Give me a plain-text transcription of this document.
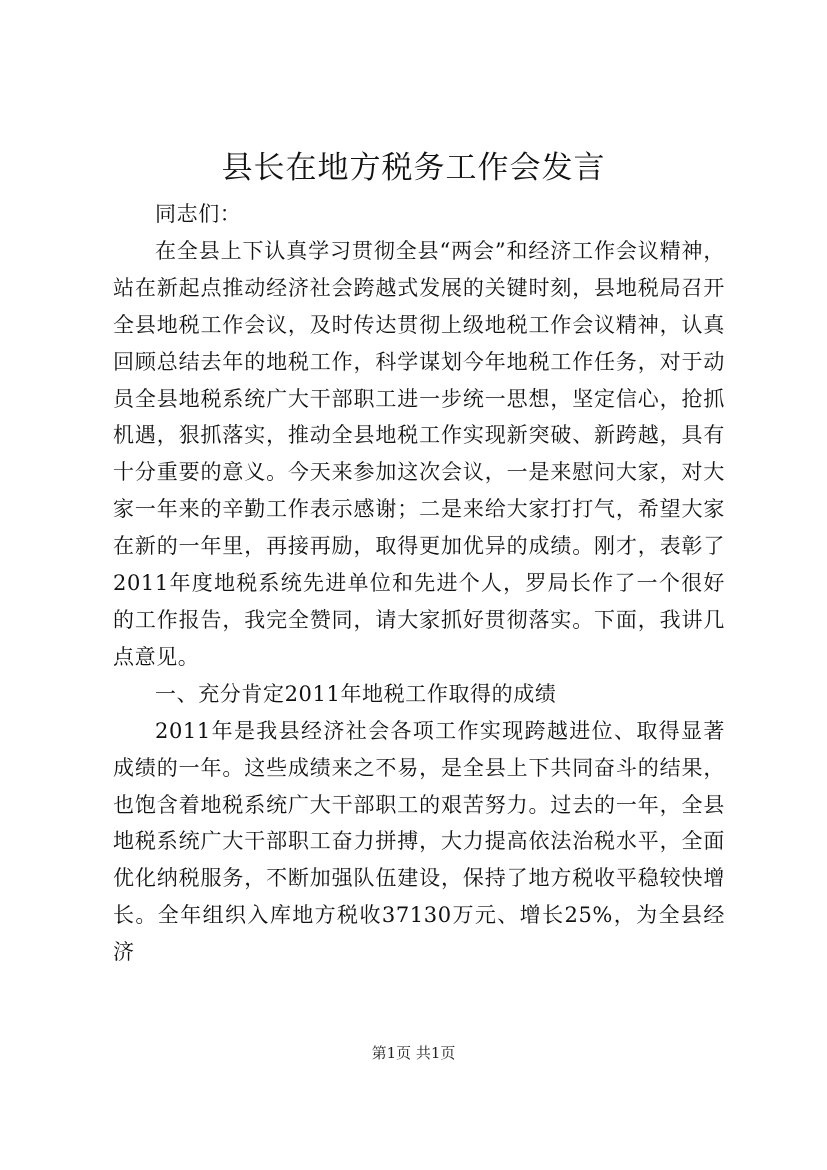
县长在地方税务工作会发言

同志们：

在全县上下认真学习贯彻全县“两会”和经济工作会议精神，站在新起点推动经济社会跨越式发展的关键时刻，县地税局召开全县地税工作会议，及时传达贯彻上级地税工作会议精神，认真回顾总结去年的地税工作，科学谋划今年地税工作任务，对于动员全县地税系统广大干部职工进一步统一思想，坚定信心，抢抓机遇，狠抓落实，推动全县地税工作实现新突破、新跨越，具有十分重要的意义。今天来参加这次会议，一是来慰问大家，对大家一年来的辛勤工作表示感谢；二是来给大家打打气，希望大家在新的一年里，再接再励，取得更加优异的成绩。刚才，表彰了2011年度地税系统先进单位和先进个人，罗局长作了一个很好的工作报告，我完全赞同，请大家抓好贯彻落实。下面，我讲几点意见。

一、充分肯定2011年地税工作取得的成绩

2011年是我县经济社会各项工作实现跨越进位、取得显著成绩的一年。这些成绩来之不易，是全县上下共同奋斗的结果，也饱含着地税系统广大干部职工的艰苦努力。过去的一年，全县地税系统广大干部职工奋力拼搏，大力提高依法治税水平，全面优化纳税服务，不断加强队伍建设，保持了地方税收平稳较快增长。全年组织入库地方税收37130万元、增长25%，为全县经济

第1页 共1页
